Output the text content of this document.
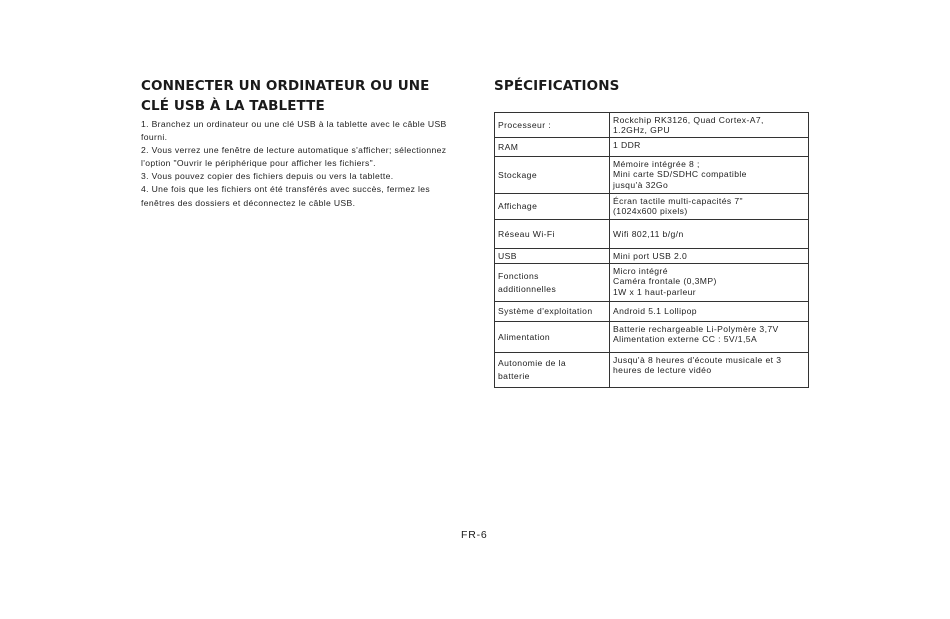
CONNECTER UN ORDINATEUR OU UNE CLÉ USB À LA TABLETTE
1. Branchez un ordinateur ou une clé USB à la tablette avec le câble USB fourni.
2. Vous verrez une fenêtre de lecture automatique s'afficher; sélectionnez l'option "Ouvrir le périphérique pour afficher les fichiers".
3. Vous pouvez copier des fichiers depuis ou vers la tablette.
4. Une fois que les fichiers ont été transférés avec succès, fermez les fenêtres des dossiers et déconnectez le câble USB.
SPÉCIFICATIONS
Processeur :	Rockchip RK3126, Quad Cortex-A7,
1.2GHz, GPU
RAM	1 DDR
Stockage	Mémoire intégrée 8 ;
Mini carte SD/SDHC compatible
jusqu'à 32Go
Affichage	Écran tactile multi-capacités 7"
(1024x600 pixels)
Réseau Wi-Fi	Wifi 802,11 b/g/n
USB	Mini port USB 2.0
Fonctions
additionnelles	Micro intégré
Caméra frontale (0,3MP)
1W x 1 haut-parleur
Système d'exploitation	Android 5.1 Lollipop
Alimentation	Batterie rechargeable Li-Polymère 3,7V
Alimentation externe CC : 5V/1,5A
Autonomie de la
batterie	Jusqu'à 8 heures d'écoute musicale et 3
heures de lecture vidéo
FR-6
